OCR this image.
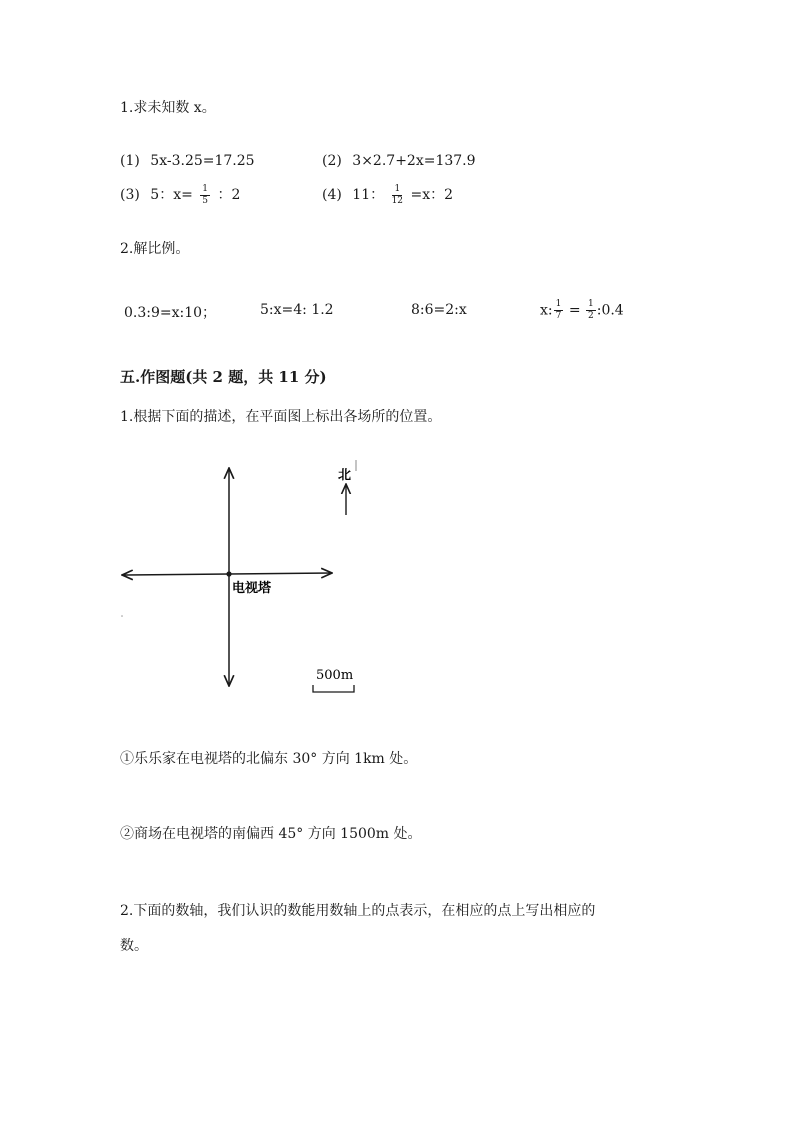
1.求未知数 x。
(1) 5x-3.25=17.25	(2) 3×2.7+2x=137.9
(3) 5：$x= \frac{1}{5}$ ：2	(4) 11： $\frac{1}{12} =x$：2
2.解比例。
0.3:9=x:10；	5:x=4: 1.2	8:6=2:x	x: $\frac{1}{7} = \frac{1}{2}$ :0.4
五.作图题(共 2 题，共 11 分)
1.根据下面的描述，在平面图上标出各场所的位置。
电视塔
北
500m
①乐乐家在电视塔的北偏东 30° 方向 1km 处。
②商场在电视塔的南偏西 45° 方向 1500m 处。
2.下面的数轴，我们认识的数能用数轴上的点表示，在相应的点上写出相应的
数。
